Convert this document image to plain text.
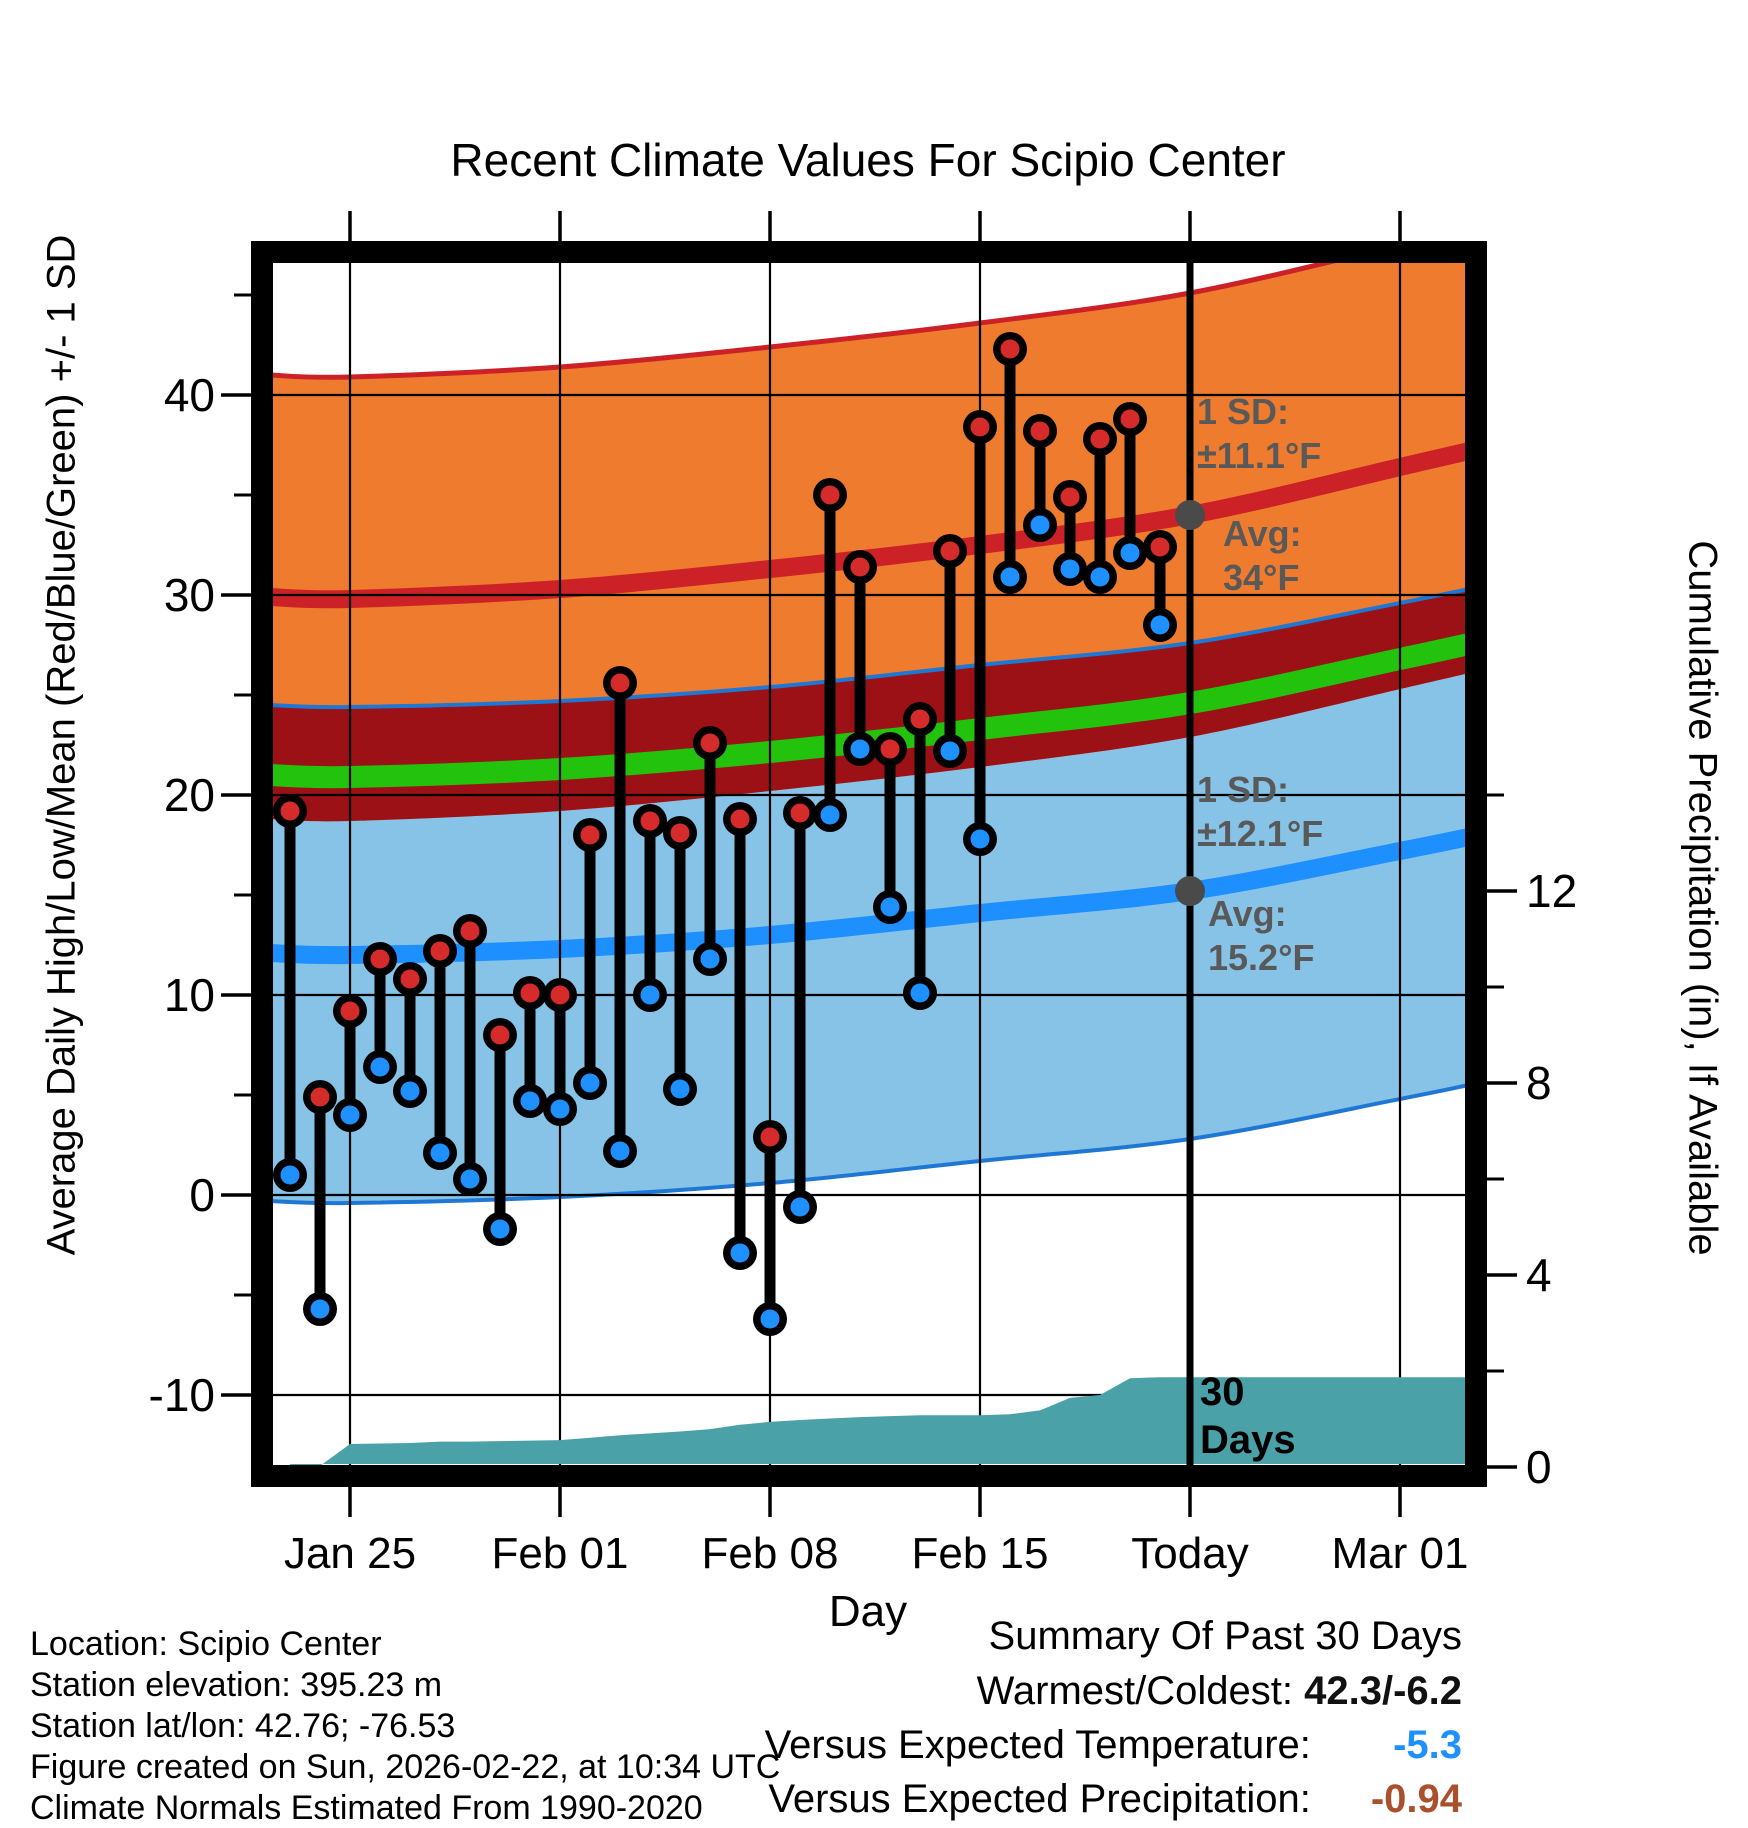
40
30
20
10
0
-10
12
8
4
0
Jan 25 Feb 01 Feb 08 Feb 15 Today Mar 01
Recent Climate Values For Scipio Center
Average Daily High/Low/Mean (Red/Blue/Green) +/- 1 SD	Cumulative Precipitation (in), If Available
Day
1 SD:
±11.1°F
Avg:
34°F
1 SD:
±12.1°F
Avg:
15.2°F
30
Days
Location: Scipio Center
Station elevation: 395.23 m
Station lat/lon: 42.76; -76.53
Figure created on Sun, 2026-02-22, at 10:34 UTC
Climate Normals Estimated From 1990-2020
Summary Of Past 30 Days
Warmest/Coldest: 42.3/-6.2
Versus Expected Temperature: -5.3
Versus Expected Precipitation: -0.94
